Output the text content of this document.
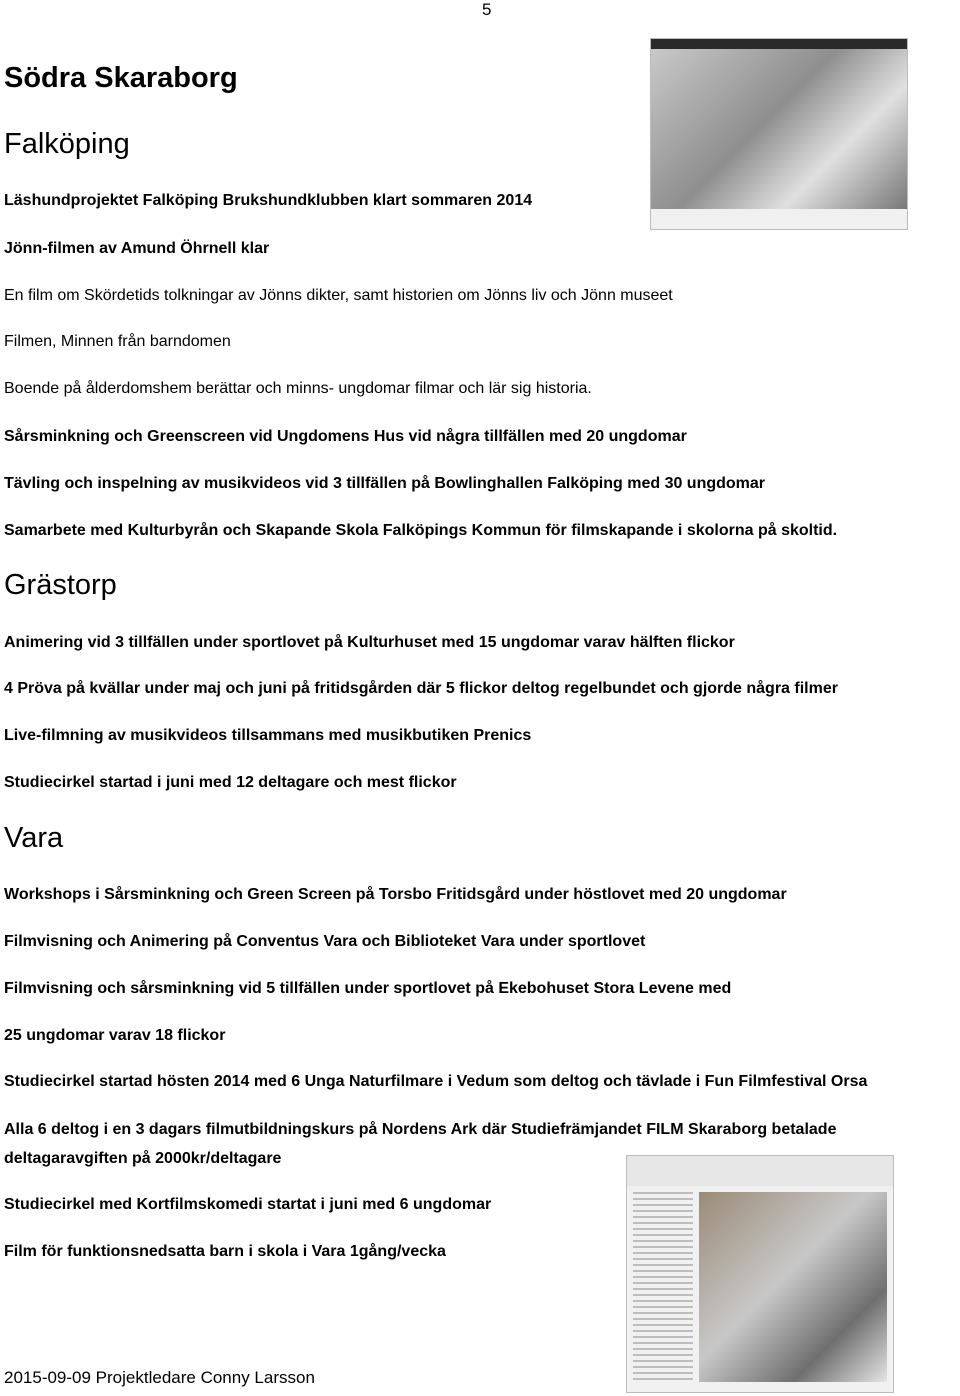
5
Södra Skaraborg
Falköping
Läshundprojektet Falköping Brukshundklubben klart sommaren 2014
Jönn-filmen av Amund Öhrnell klar
En film om Skördetids tolkningar av Jönns dikter, samt historien om Jönns liv och Jönn museet
Filmen, Minnen från barndomen
Boende på ålderdomshem berättar och minns- ungdomar filmar och lär sig historia.
Sårsminkning och Greenscreen vid Ungdomens Hus vid några tillfällen med 20 ungdomar
Tävling och inspelning av musikvideos vid 3 tillfällen på Bowlinghallen Falköping med 30 ungdomar
Samarbete med Kulturbyrån och Skapande Skola Falköpings Kommun för filmskapande i skolorna på skoltid.
Grästorp
Animering vid 3 tillfällen under sportlovet på Kulturhuset med 15 ungdomar varav hälften flickor
4 Pröva på kvällar under maj och juni på fritidsgården där 5 flickor deltog regelbundet och gjorde några filmer
Live-filmning av musikvideos tillsammans med musikbutiken Prenics
Studiecirkel startad i juni med 12 deltagare och mest flickor
Vara
Workshops i Sårsminkning och Green Screen på Torsbo Fritidsgård under höstlovet med 20 ungdomar
Filmvisning och Animering på Conventus Vara och Biblioteket Vara under sportlovet
Filmvisning och sårsminkning vid 5 tillfällen under sportlovet på Ekebohuset Stora Levene med
25 ungdomar varav 18 flickor
Studiecirkel startad hösten 2014 med 6 Unga Naturfilmare i Vedum som deltog och tävlade i Fun Filmfestival Orsa
Alla 6 deltog i en 3 dagars filmutbildningskurs på Nordens Ark där Studiefrämjandet FILM Skaraborg betalade
deltagaravgiften på 2000kr/deltagare
Studiecirkel med Kortfilmskomedi startat i juni med 6 ungdomar
Film för funktionsnedsatta barn i skola i Vara 1gång/vecka
2015-09-09 Projektledare Conny Larsson
